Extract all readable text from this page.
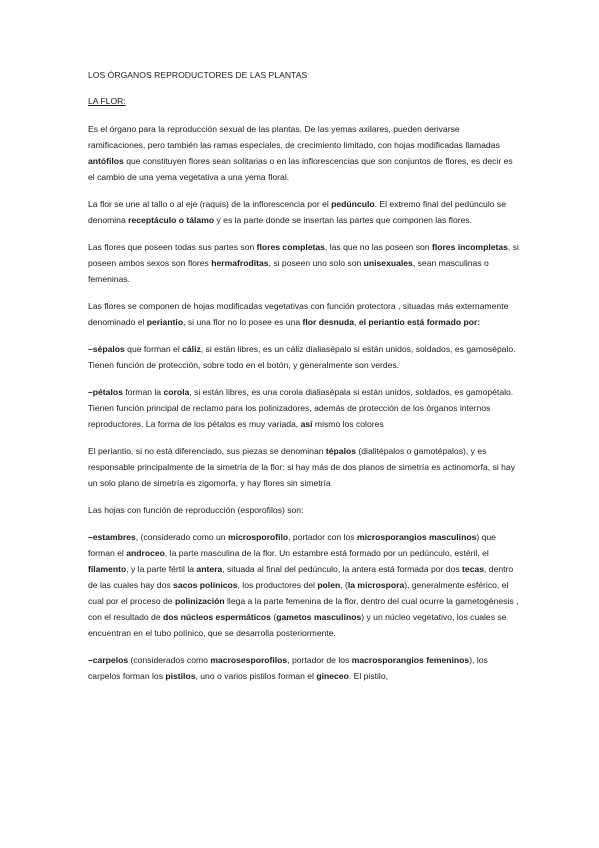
LOS ÓRGANOS REPRODUCTORES DE LAS PLANTAS
LA FLOR:

Es el órgano para la reproducción sexual de las plantas. De las yemas axilares, pueden derivarse ramificaciones, pero también las ramas especiales, de crecimiento limitado, con hojas modificadas llamadas antófilos que constituyen flores sean solitarias o en las inflorescencias que son conjuntos de flores, es decir es el cambio de una yema vegetativa a una yema floral.

La flor se une al tallo o al eje (raquis) de la inflorescencia por el pedúnculo. El extremo final del pedúnculo se denomina receptáculo o tálamo y es la parte donde se insertan las partes que componen las flores.

Las flores que poseen todas sus partes son flores completas, las que no las poseen son flores incompletas, si poseen ambos sexos son flores hermafroditas, si poseen uno solo son unisexuales, sean masculinas o femeninas.

Las flores se componen de hojas modificadas vegetativas con función protectora , situadas más externamente denominado el periantio, si una flor no lo posee es una flor desnuda, el periantio está formado por:

–sépalos que forman el cáliz, si están libres, es un cáliz dialiasépalo si están unidos, soldados, es gamosépalo. Tienen función de protección, sobre todo en el botón, y generalmente son verdes.

–pétalos forman la corola, si están libres, es una corola dialiasépala si están unidos, soldados, es gamopétalo. Tienen función principal de reclamo para los polinizadores, además de protección de los órganos internos reproductores. La forma de los pétalos es muy variada, así mismo los colores

El periantio, si no está diferenciado, sus piezas se denominan tépalos (dialitépalos o gamotépalos), y es responsable principalmente de la simetría de la flor: si hay más de dos planos de simetría es actinomorfa, si hay un solo plano de simetría es zigomorfa, y hay flores sin simetría

Las hojas con función de reproducción (esporofilos) son:

–estambres, (considerado como un microsporofilo, portador con los microsporangios masculinos) que forman el androceo, la parte masculina de la flor. Un estambre está formado por un pedúnculo, estéril, el filamento, y la parte fértil la antera, situada al final del pedúnculo, la antera está formada por dos tecas, dentro de las cuales hay dos sacos polínicos, los productores del polen, (la microspora), generalmente esférico, el cual por el proceso de polinización llega a la parte femenina de la flor, dentro del cual ocurre la gametogénesis , con el resultado de dos núcleos espermáticos (gametos masculinos) y un núcleo vegetativo, los cuales se encuentran en el tubo polínico, que se desarrolla posteriormente.

–carpelos (considerados como macrosesporofilos, portador de los macrosporangios femeninos), los carpelos forman los pistilos, uno o varios pistilos forman el gineceo. El pistilo,
